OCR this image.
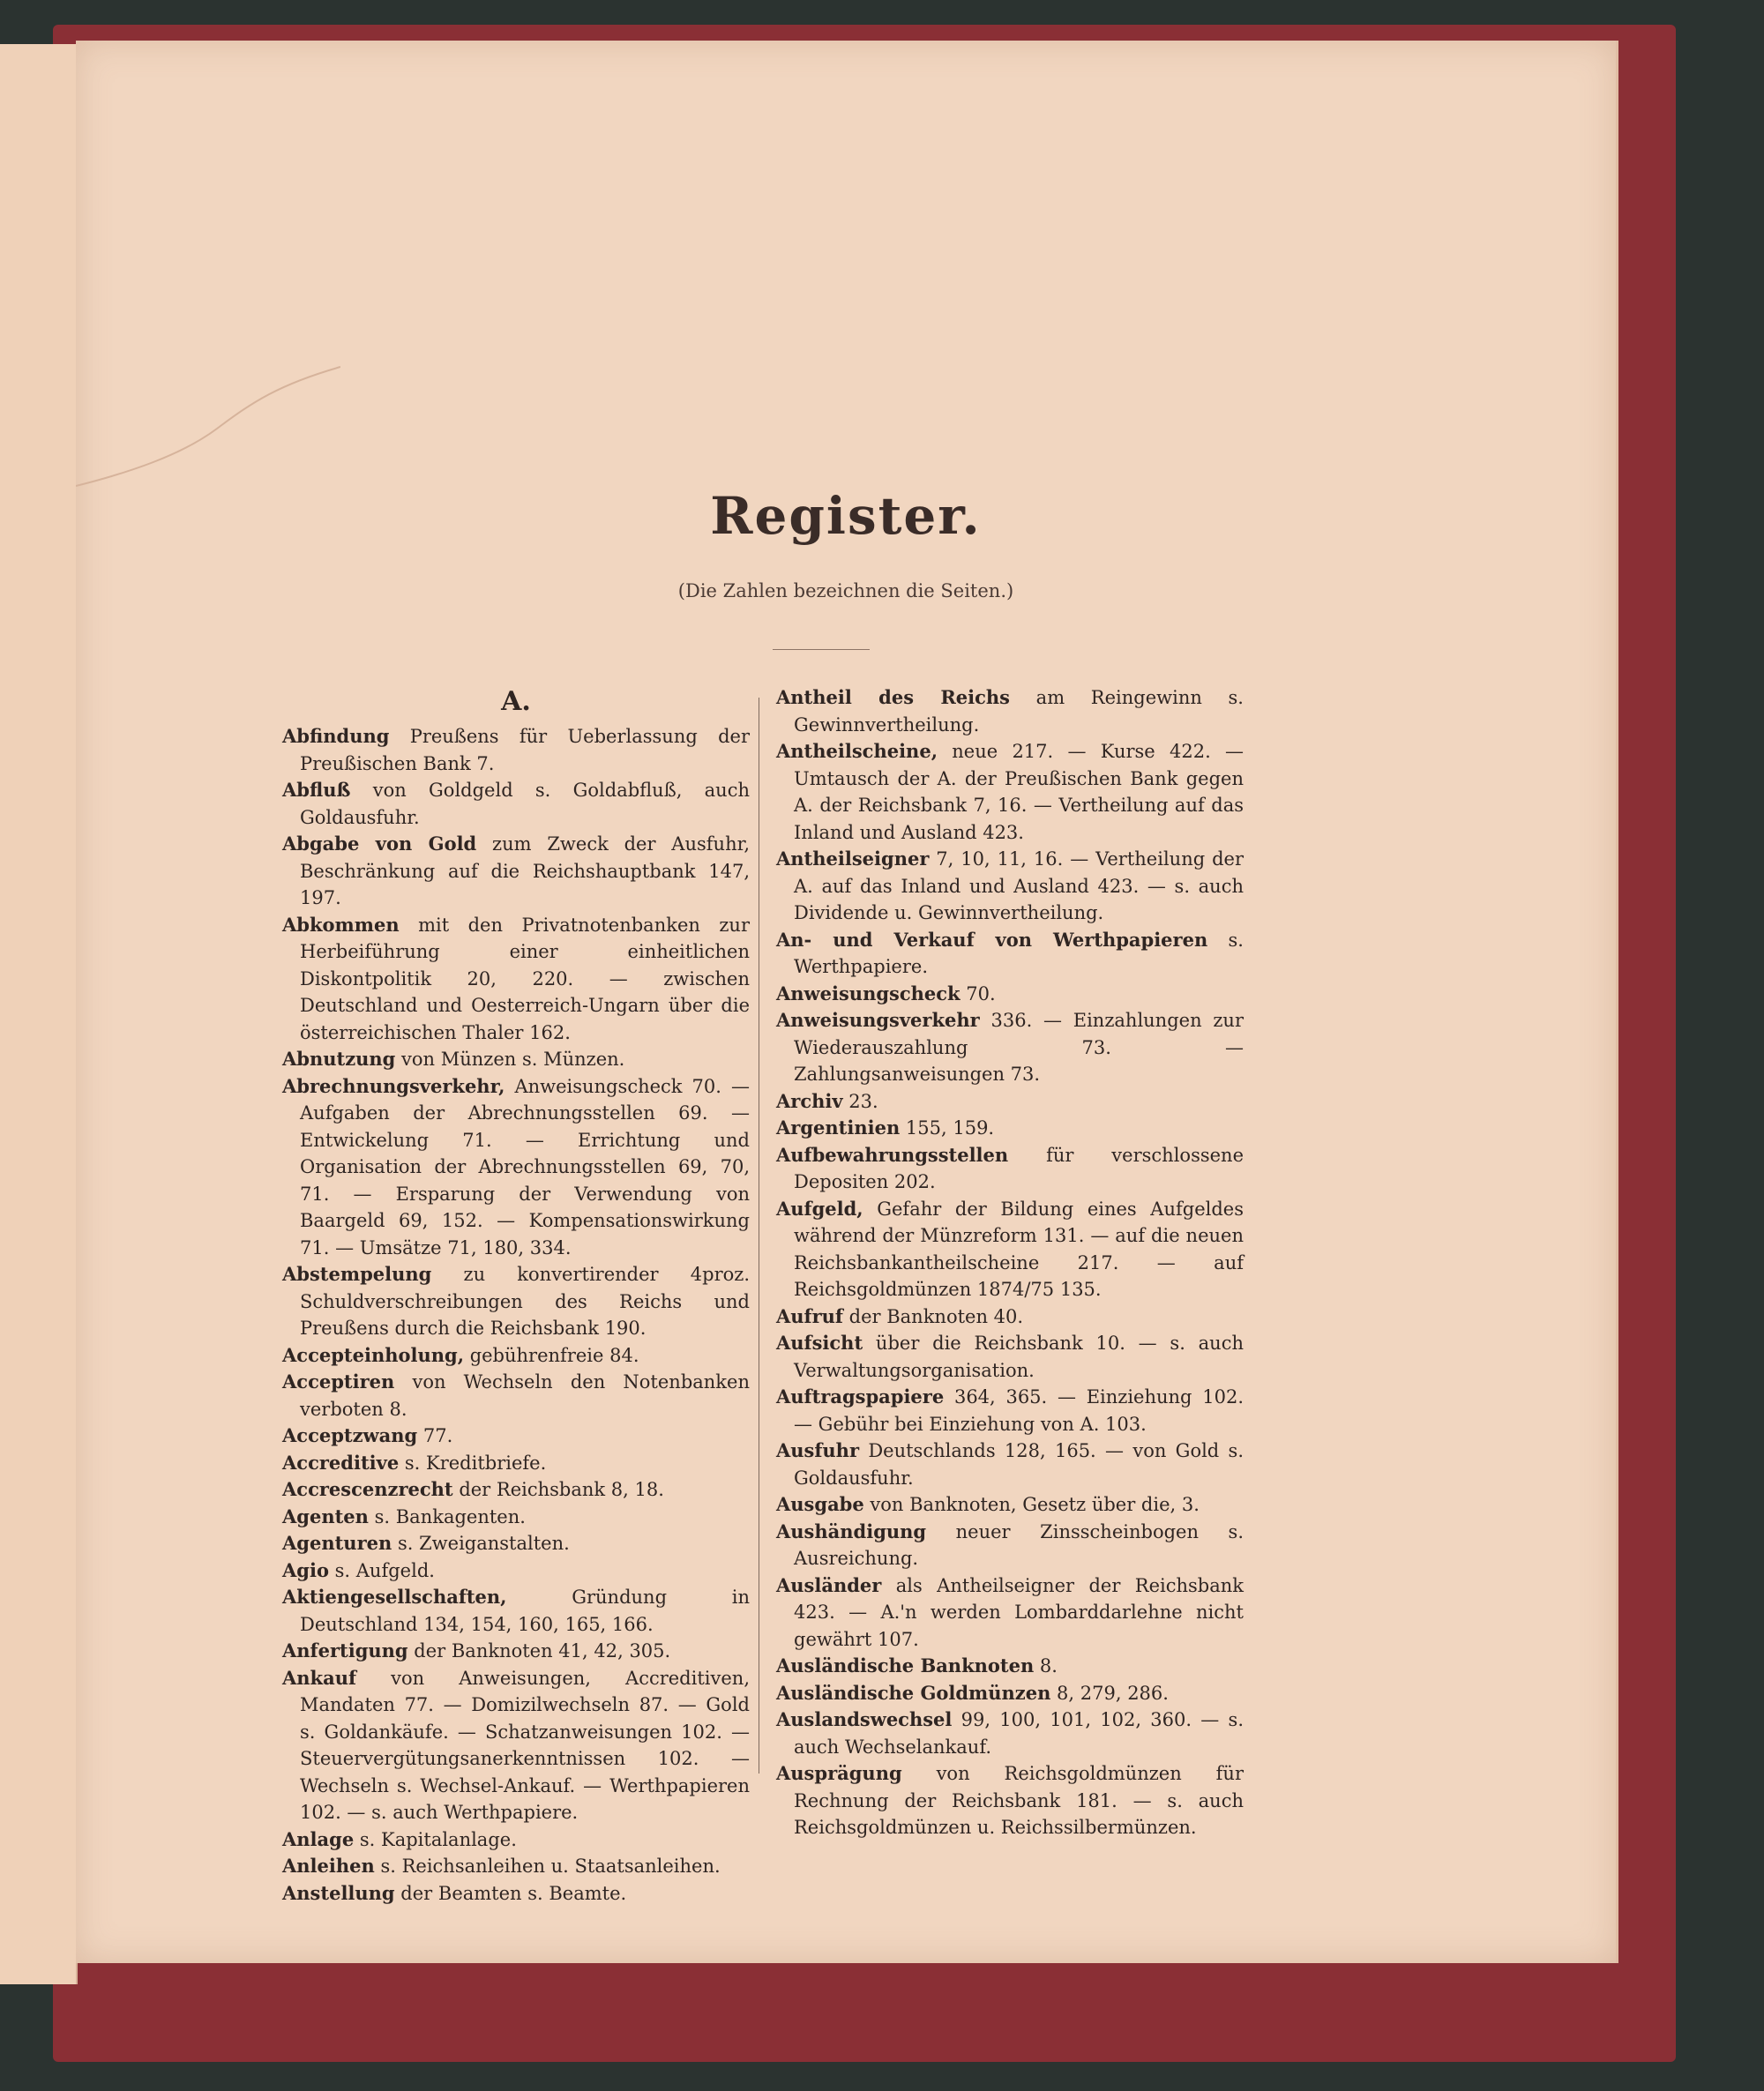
Register.
(Die Zahlen bezeichnen die Seiten.)
A.

Abfindung Preußens für Ueberlassung der Preußischen Bank 7.

Abfluß von Goldgeld s. Goldabfluß, auch Goldausfuhr.

Abgabe von Gold zum Zweck der Ausfuhr, Beschränkung auf die Reichshauptbank 147, 197.

Abkommen mit den Privatnotenbanken zur Herbeiführung einer einheitlichen Diskontpolitik 20, 220. — zwischen Deutschland und Oesterreich-Ungarn über die österreichischen Thaler 162.

Abnutzung von Münzen s. Münzen.

Abrechnungsverkehr, Anweisungscheck 70. — Aufgaben der Abrechnungsstellen 69. — Entwickelung 71. — Errichtung und Organisation der Abrechnungsstellen 69, 70, 71. — Ersparung der Verwendung von Baargeld 69, 152. — Kompensationswirkung 71. — Umsätze 71, 180, 334.

Abstempelung zu konvertirender 4proz. Schuldverschreibungen des Reichs und Preußens durch die Reichsbank 190.

Accepteinholung, gebührenfreie 84.

Acceptiren von Wechseln den Notenbanken verboten 8.

Acceptzwang 77.

Accreditive s. Kreditbriefe.

Accrescenzrecht der Reichsbank 8, 18.

Agenten s. Bankagenten.

Agenturen s. Zweiganstalten.

Agio s. Aufgeld.

Aktiengesellschaften, Gründung in Deutschland 134, 154, 160, 165, 166.

Anfertigung der Banknoten 41, 42, 305.

Ankauf von Anweisungen, Accreditiven, Mandaten 77. — Domizilwechseln 87. — Gold s. Goldankäufe. — Schatzanweisungen 102. — Steuervergütungsanerkenntnissen 102. — Wechseln s. Wechsel-Ankauf. — Werthpapieren 102. — s. auch Werthpapiere.

Anlage s. Kapitalanlage.

Anleihen s. Reichsanleihen u. Staatsanleihen.

Anstellung der Beamten s. Beamte.

Antheil des Reichs am Reingewinn s. Gewinnvertheilung.

Antheilscheine, neue 217. — Kurse 422. — Umtausch der A. der Preußischen Bank gegen A. der Reichsbank 7, 16. — Vertheilung auf das Inland und Ausland 423.

Antheilseigner 7, 10, 11, 16. — Vertheilung der A. auf das Inland und Ausland 423. — s. auch Dividende u. Gewinnvertheilung.

An- und Verkauf von Werthpapieren s. Werthpapiere.

Anweisungscheck 70.

Anweisungsverkehr 336. — Einzahlungen zur Wiederauszahlung 73. — Zahlungsanweisungen 73.

Archiv 23.

Argentinien 155, 159.

Aufbewahrungsstellen für verschlossene Depositen 202.

Aufgeld, Gefahr der Bildung eines Aufgeldes während der Münzreform 131. — auf die neuen Reichsbankantheilscheine 217. — auf Reichsgoldmünzen 1874/75 135.

Aufruf der Banknoten 40.

Aufsicht über die Reichsbank 10. — s. auch Verwaltungsorganisation.

Auftragspapiere 364, 365. — Einziehung 102. — Gebühr bei Einziehung von A. 103.

Ausfuhr Deutschlands 128, 165. — von Gold s. Goldausfuhr.

Ausgabe von Banknoten, Gesetz über die, 3.

Aushändigung neuer Zinsscheinbogen s. Ausreichung.

Ausländer als Antheilseigner der Reichsbank 423. — A.'n werden Lombarddarlehne nicht gewährt 107.

Ausländische Banknoten 8.

Ausländische Goldmünzen 8, 279, 286.

Auslandswechsel 99, 100, 101, 102, 360. — s. auch Wechselankauf.

Ausprägung von Reichsgoldmünzen für Rechnung der Reichsbank 181. — s. auch Reichsgoldmünzen u. Reichssilbermünzen.
